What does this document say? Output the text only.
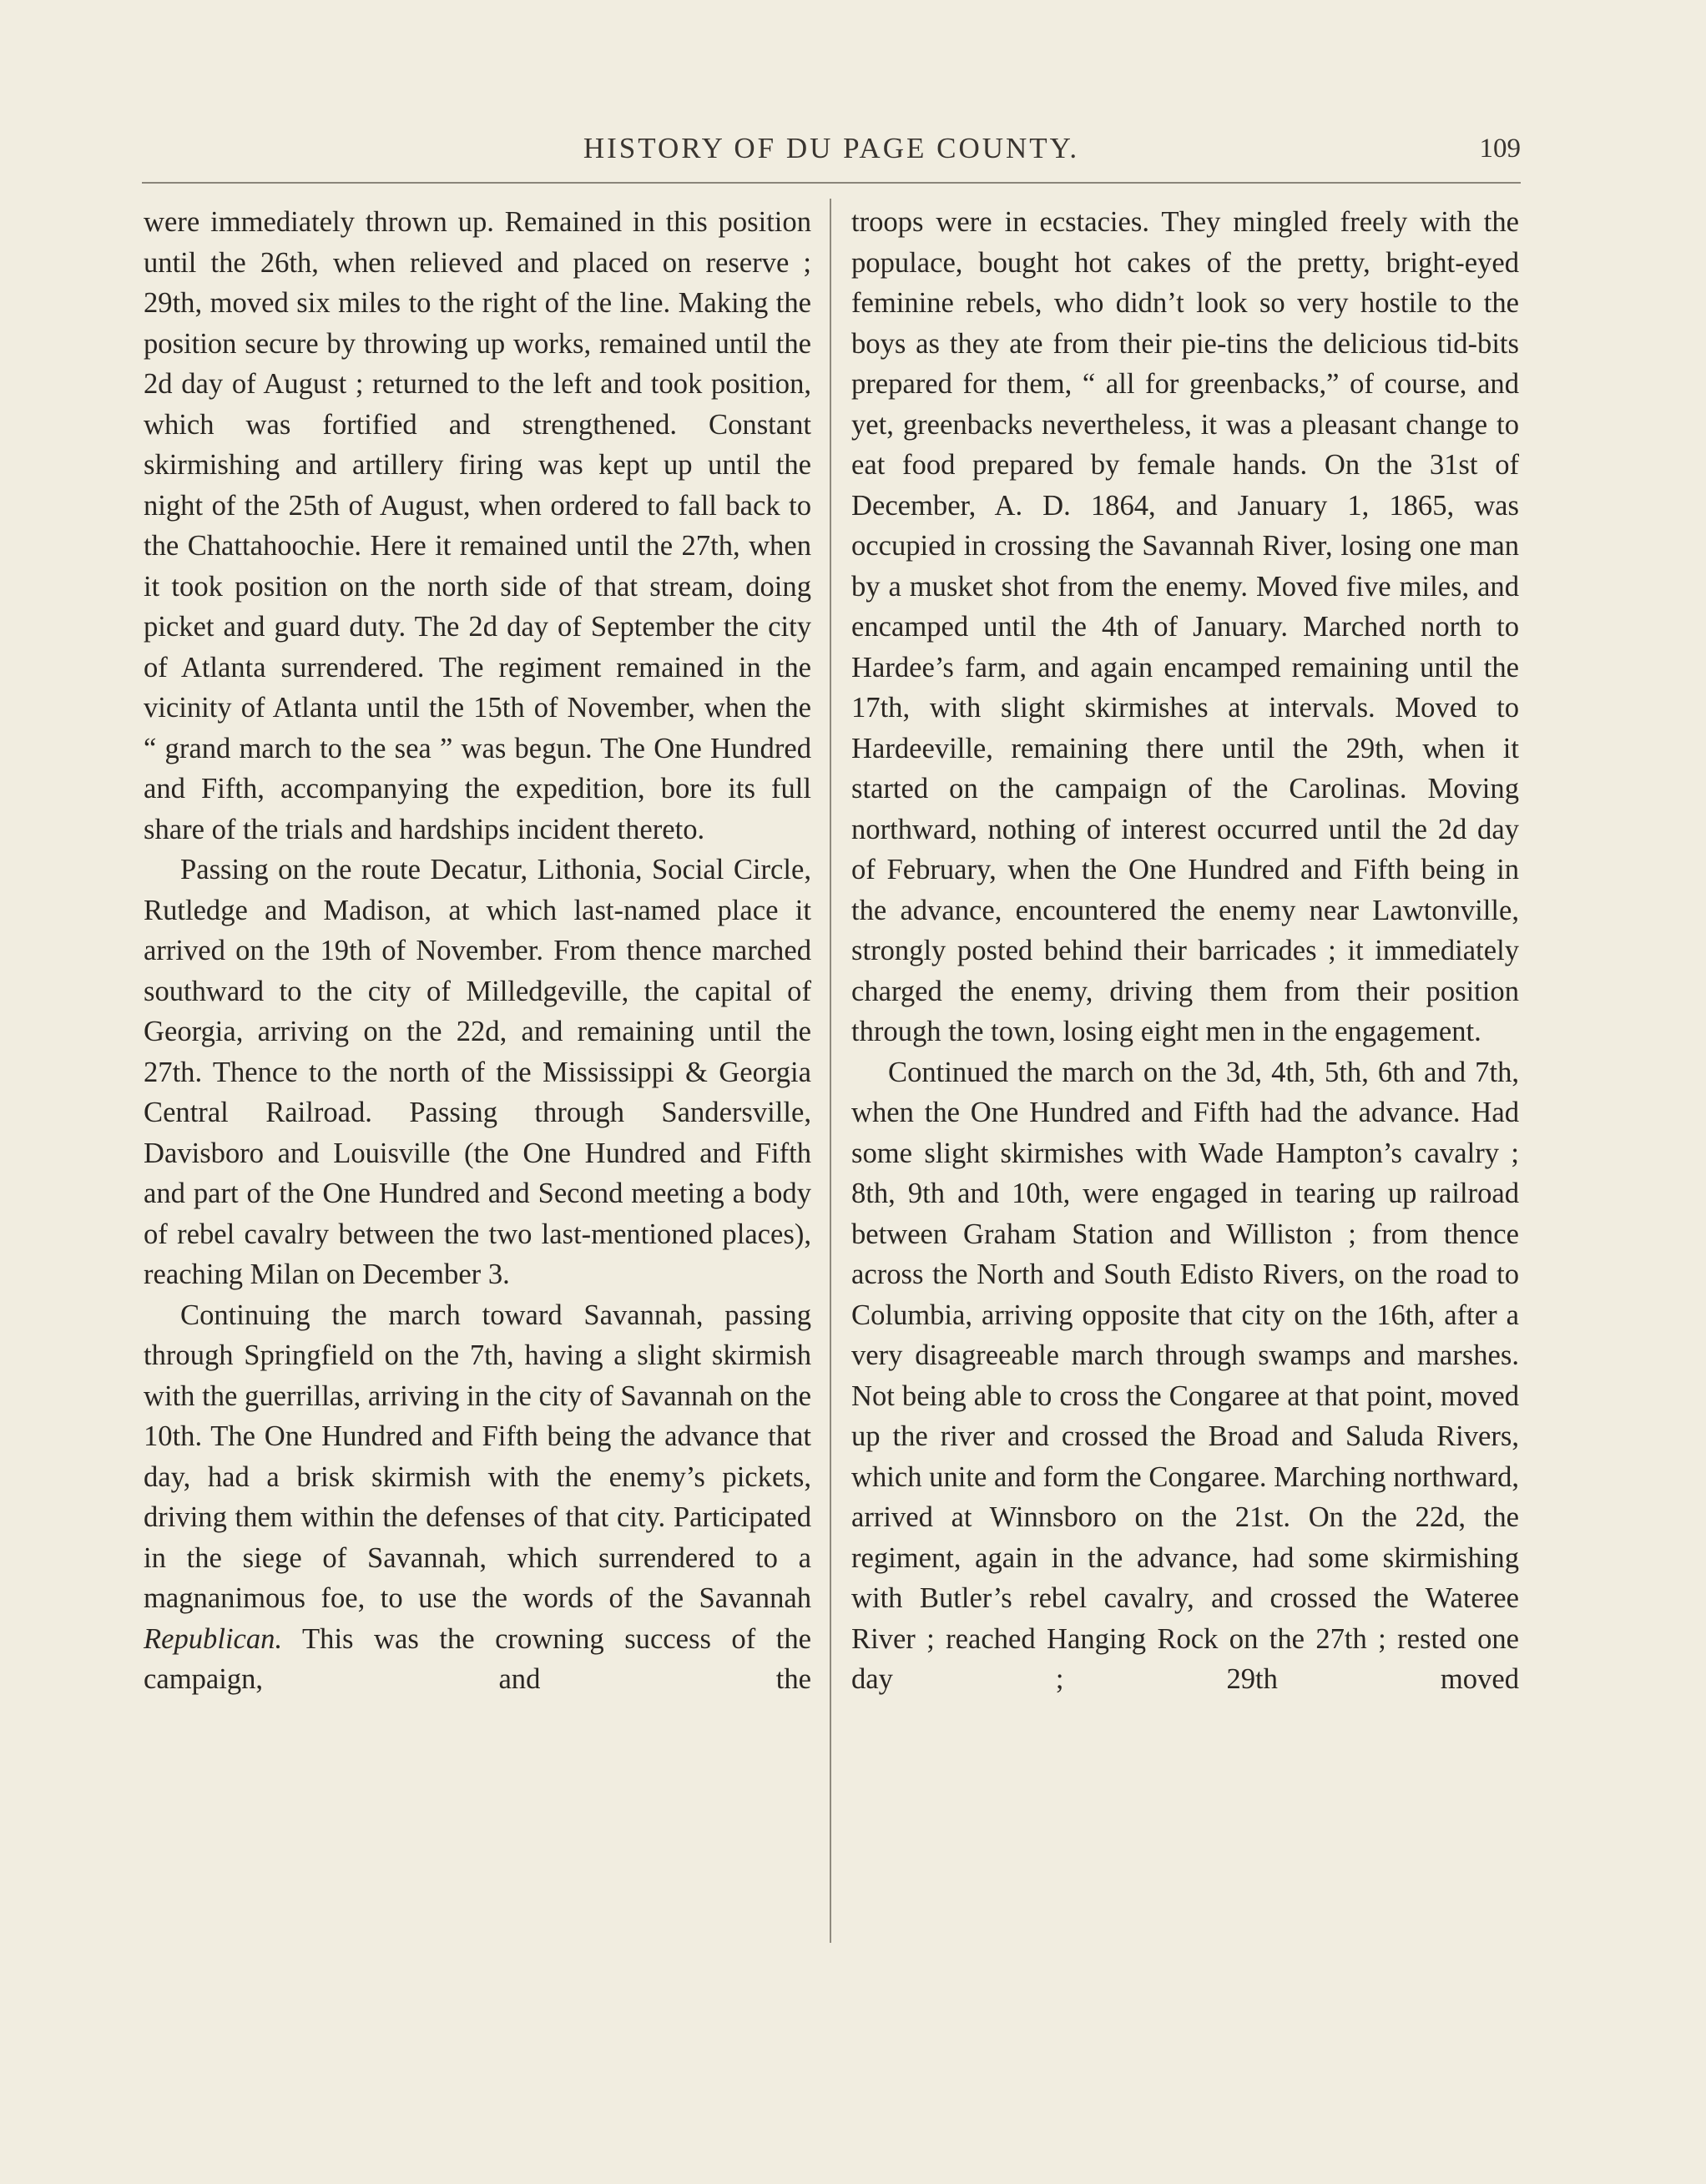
HISTORY OF DU PAGE COUNTY.	109

were immediately thrown up. Remained in this position until the 26th, when relieved and placed on reserve ; 29th, moved six miles to the right of the line. Making the position secure by throwing up works, remained until the 2d day of August ; returned to the left and took position, which was fortified and strengthened. Constant skirmishing and artillery firing was kept up until the night of the 25th of August, when ordered to fall back to the Chattahoochie. Here it remained until the 27th, when it took position on the north side of that stream, doing picket and guard duty. The 2d day of September the city of Atlanta surrendered. The regiment remained in the vicinity of Atlanta until the 15th of November, when the “ grand march to the sea ” was begun. The One Hundred and Fifth, accompanying the expedition, bore its full share of the trials and hardships incident thereto.

Passing on the route Decatur, Lithonia, Social Circle, Rutledge and Madison, at which last-named place it arrived on the 19th of November. From thence marched southward to the city of Milledgeville, the capital of Georgia, arriving on the 22d, and remaining until the 27th. Thence to the north of the Mississippi & Georgia Central Railroad. Passing through Sandersville, Davisboro and Louisville (the One Hundred and Fifth and part of the One Hundred and Second meeting a body of rebel cavalry between the two last-mentioned places), reaching Milan on December 3.

Continuing the march toward Savannah, passing through Springfield on the 7th, having a slight skirmish with the guerrillas, arriving in the city of Savannah on the 10th. The One Hundred and Fifth being the advance that day, had a brisk skirmish with the enemy’s pickets, driving them within the defenses of that city. Participated in the siege of Savannah, which surrendered to a magnanimous foe, to use the words of the Savannah Republican. This was the crowning success of the campaign, and the

troops were in ecstacies. They mingled freely with the populace, bought hot cakes of the pretty, bright-eyed feminine rebels, who didn’t look so very hostile to the boys as they ate from their pie-tins the delicious tid-bits prepared for them, “ all for greenbacks,” of course, and yet, greenbacks nevertheless, it was a pleasant change to eat food prepared by female hands. On the 31st of December, A. D. 1864, and January 1, 1865, was occupied in crossing the Savannah River, losing one man by a musket shot from the enemy. Moved five miles, and encamped until the 4th of January. Marched north to Hardee’s farm, and again encamped remaining until the 17th, with slight skirmishes at intervals. Moved to Hardeeville, remaining there until the 29th, when it started on the campaign of the Carolinas. Moving northward, nothing of interest occurred until the 2d day of February, when the One Hundred and Fifth being in the advance, encountered the enemy near Lawtonville, strongly posted behind their barricades ; it immediately charged the enemy, driving them from their position through the town, losing eight men in the engagement.

Continued the march on the 3d, 4th, 5th, 6th and 7th, when the One Hundred and Fifth had the advance. Had some slight skirmishes with Wade Hampton’s cavalry ; 8th, 9th and 10th, were engaged in tearing up railroad between Graham Station and Williston ; from thence across the North and South Edisto Rivers, on the road to Columbia, arriving opposite that city on the 16th, after a very disagreeable march through swamps and marshes. Not being able to cross the Congaree at that point, moved up the river and crossed the Broad and Saluda Rivers, which unite and form the Congaree. Marching northward, arrived at Winnsboro on the 21st. On the 22d, the regiment, again in the advance, had some skirmishing with Butler’s rebel cavalry, and crossed the Wateree River ; reached Hanging Rock on the 27th ; rested one day ; 29th moved
